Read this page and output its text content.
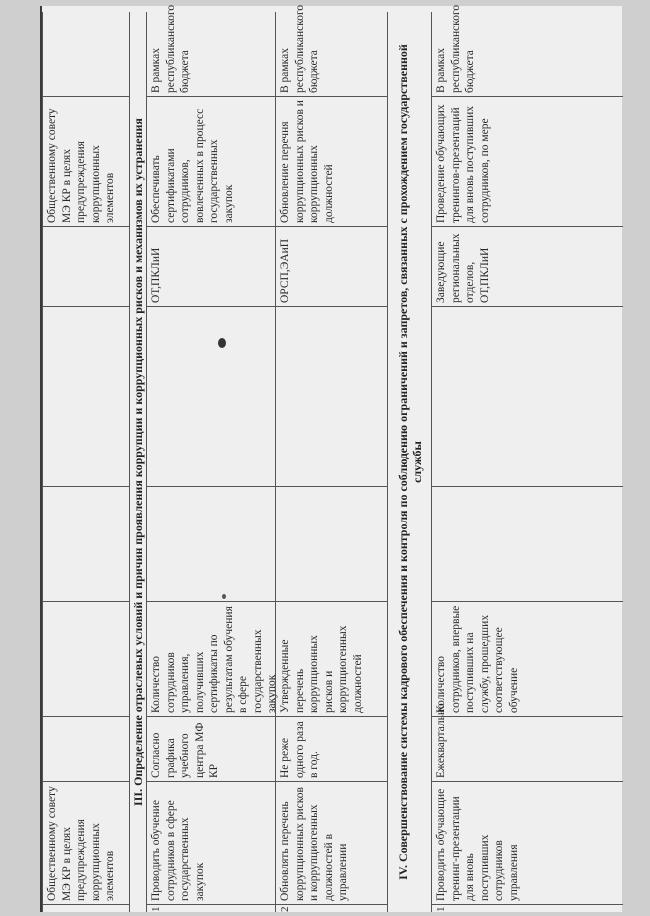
Общественному советy МЭ КР в целях предупреждения коррупционных элементов
Общественному совету МЭ КР в целях предупреждения коррупционных элементов	III. Определение отраслевых условий и причин проявления коррупции и коррупционных рисков и механизмов их устранения
1
Проводить обучение сотрудников в сфере государственных закупок
Согласно графика учебного центра МФ КР
Количество сотрудников управления, получивших сертификаты по результатам обучения в сфере государственных закупок
ОТ,ПКЛиИ
Обеспечивать сертификатами сотрудников, вовлеченных в процесс государственных закупок
В рамках республиканского бюджета
2
Обновлять перечень коррупционных рисков и коррупциогенных должностей в управлении
Не реже одного раза в год.
Утвержденные перечень коррупционных рисков и коррупциогенных должностей
ОРСП,ЭАиП
Обновление перечня коррупционных рисков и коррупционных должностей
В рамках республиканского бюджета	IV. Совершенствование системы кадрового обеспечения и контроля по соблюдению ограничений и запретов, связанных с прохождением государственной службы
1
Проводить обучающие тренинг-презентации для вновь поступивших сотрудников управления
Ежеквартально
Количество сотрудников, впервые поступивших на службу, прошедших соответствующее обучение
Заведующие региональных отделов, ОТ,ПКЛиИ
Проведение обучающих тренингов-презентаций для вновь поступивших сотрудников, по мере
В рамках республиканского бюджета
